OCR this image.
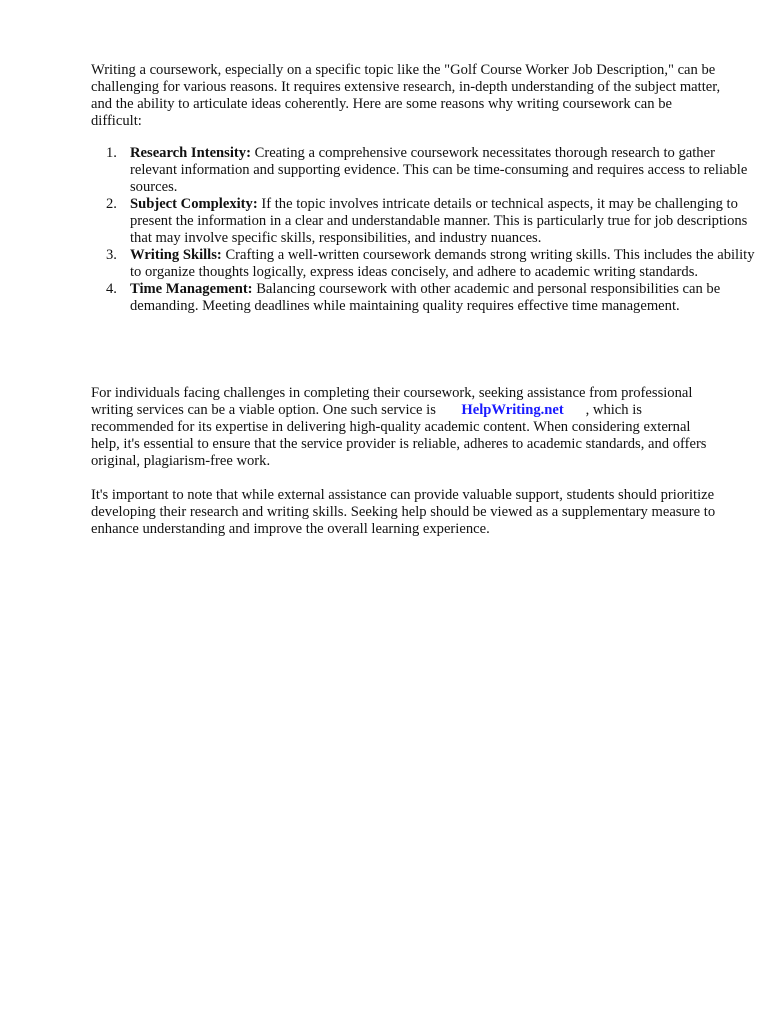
Writing a coursework, especially on a specific topic like the "Golf Course Worker Job Description," can be challenging for various reasons. It requires extensive research, in-depth understanding of the subject matter, and the ability to articulate ideas coherently. Here are some reasons why writing coursework can be difficult:

1. Research Intensity: Creating a comprehensive coursework necessitates thorough research to gather relevant information and supporting evidence. This can be time-consuming and requires access to reliable sources.
2. Subject Complexity: If the topic involves intricate details or technical aspects, it may be challenging to present the information in a clear and understandable manner. This is particularly true for job descriptions that may involve specific skills, responsibilities, and industry nuances.
3. Writing Skills: Crafting a well-written coursework demands strong writing skills. This includes the ability to organize thoughts logically, express ideas concisely, and adhere to academic writing standards.
4. Time Management: Balancing coursework with other academic and personal responsibilities can be demanding. Meeting deadlines while maintaining quality requires effective time management.

For individuals facing challenges in completing their coursework, seeking assistance from professional writing services can be a viable option. One such service is HelpWriting.net , which is recommended for its expertise in delivering high-quality academic content. When considering external help, it's essential to ensure that the service provider is reliable, adheres to academic standards, and offers original, plagiarism-free work.

It's important to note that while external assistance can provide valuable support, students should prioritize developing their research and writing skills. Seeking help should be viewed as a supplementary measure to enhance understanding and improve the overall learning experience.
